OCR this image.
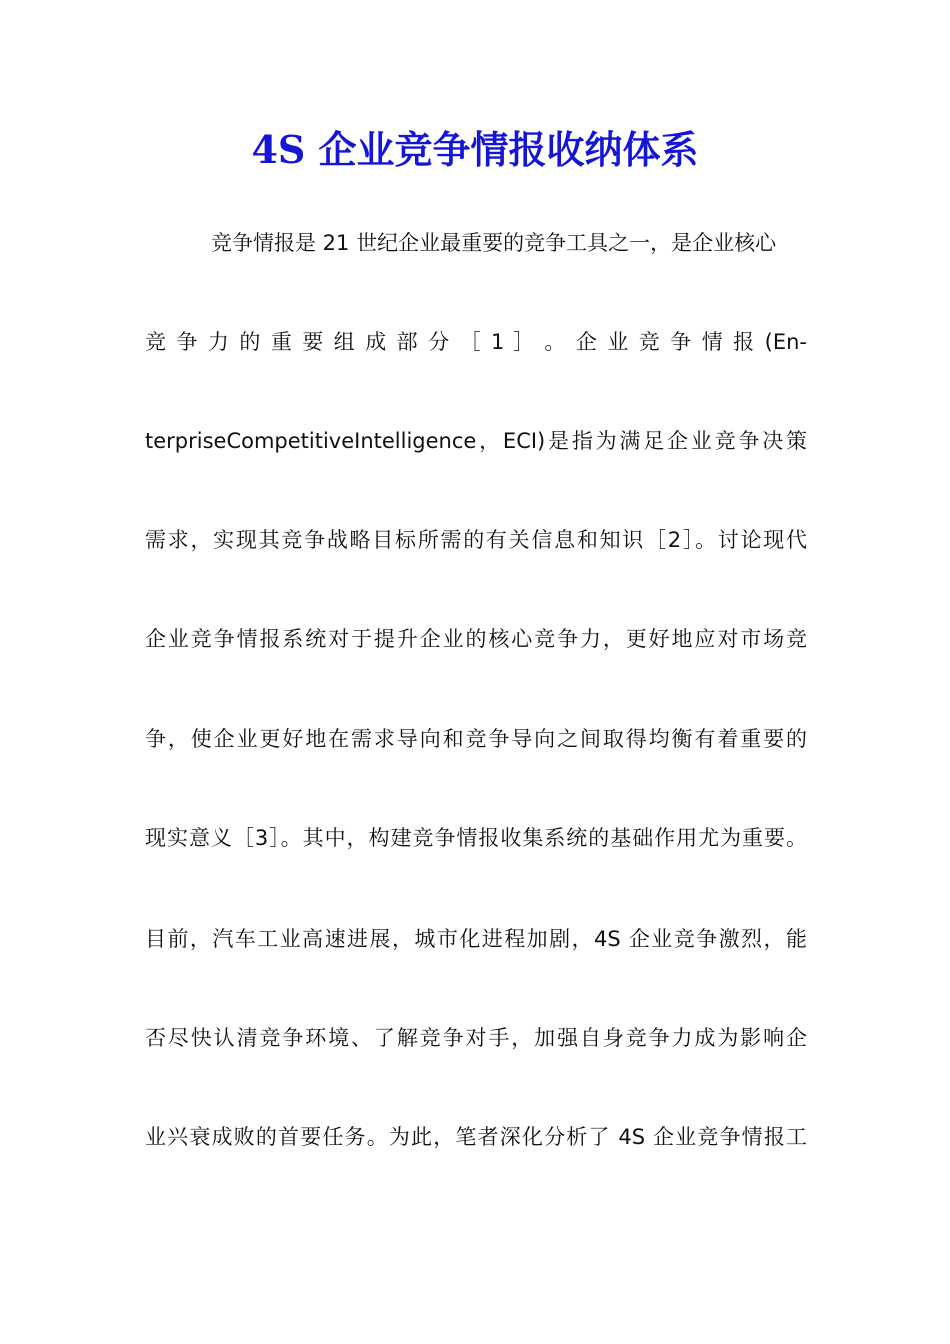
4S 企业竞争情报收纳体系

竞争情报是 21 世纪企业最重要的竞争工具之一，是企业核心

竞 争 力 的 重 要 组 成 部 分 ［ 1 ］ 。 企 业 竞 争 情 报 (En-

terpriseCompetitiveIntelligence，ECI)是指为满足企业竞争决策

需求，实现其竞争战略目标所需的有关信息和知识［2］。讨论现代

企业竞争情报系统对于提升企业的核心竞争力，更好地应对市场竞

争，使企业更好地在需求导向和竞争导向之间取得均衡有着重要的

现实意义［3］。其中，构建竞争情报收集系统的基础作用尤为重要。

目前，汽车工业高速进展，城市化进程加剧，4S 企业竞争激烈，能

否尽快认清竞争环境、了解竞争对手，加强自身竞争力成为影响企

业兴衰成败的首要任务。为此，笔者深化分析了 4S 企业竞争情报工
